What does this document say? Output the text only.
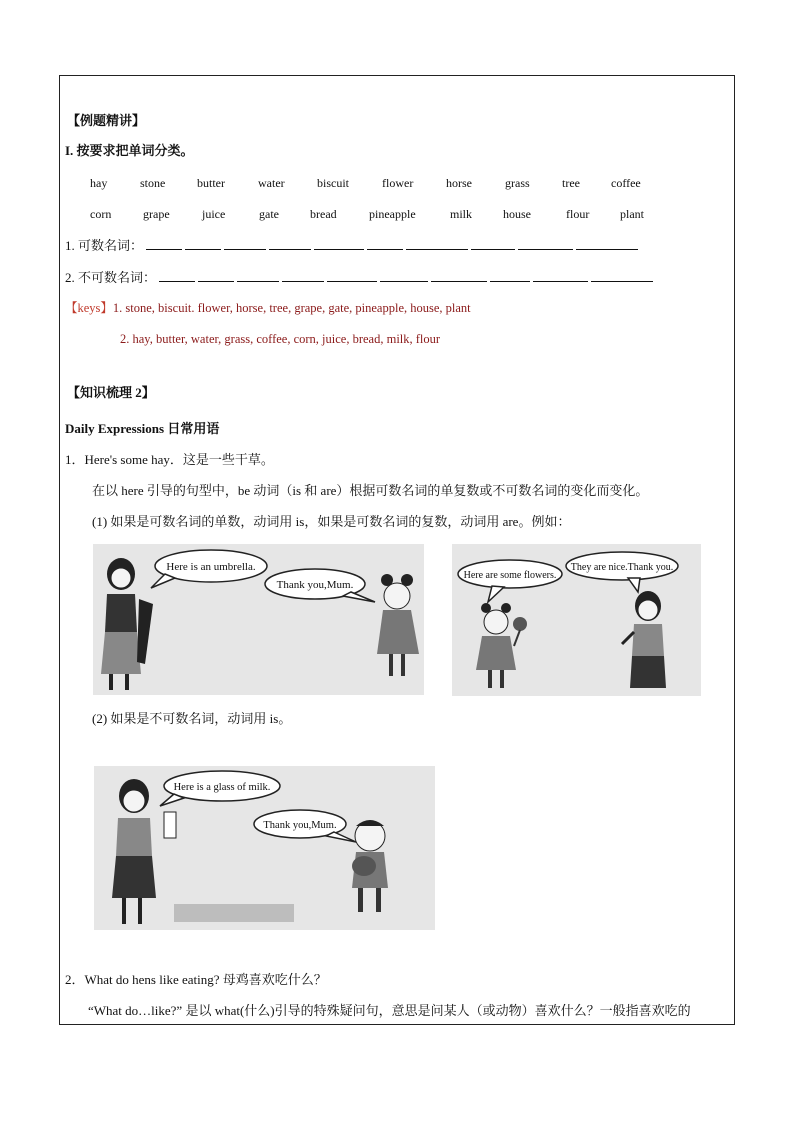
【例题精讲】
I. 按要求把单词分类。
hay	stone	butter	water	biscuit	flower	horse	grass	tree	coffee
corn	grape	juice	gate	bread	pineapple	milk	house	flour	plant
1. 可数名词：
2. 不可数名词：
【keys】1. stone, biscuit. flower, horse, tree, grape, gate, pineapple, house, plant
2. hay, butter, water, grass, coffee, corn, juice, bread, milk, flour
【知识梳理 2】
Daily Expressions 日常用语
1．Here's some hay．这是一些干草。
在以 here 引导的句型中，be 动词（is 和 are）根据可数名词的单复数或不可数名词的变化而变化。
(1) 如果是可数名词的单数，动词用 is，如果是可数名词的复数，动词用 are。例如：
Here is an umbrella.
Thank you,Mum.
Here are some flowers.
They are nice.Thank you.
(2) 如果是不可数名词，动词用 is。
Here is a glass of milk.
Thank you,Mum.
2．What do hens like eating? 母鸡喜欢吃什么？
“What do…like?” 是以 what(什么)引导的特殊疑问句，意思是问某人（或动物）喜欢什么？一般指喜欢吃的
